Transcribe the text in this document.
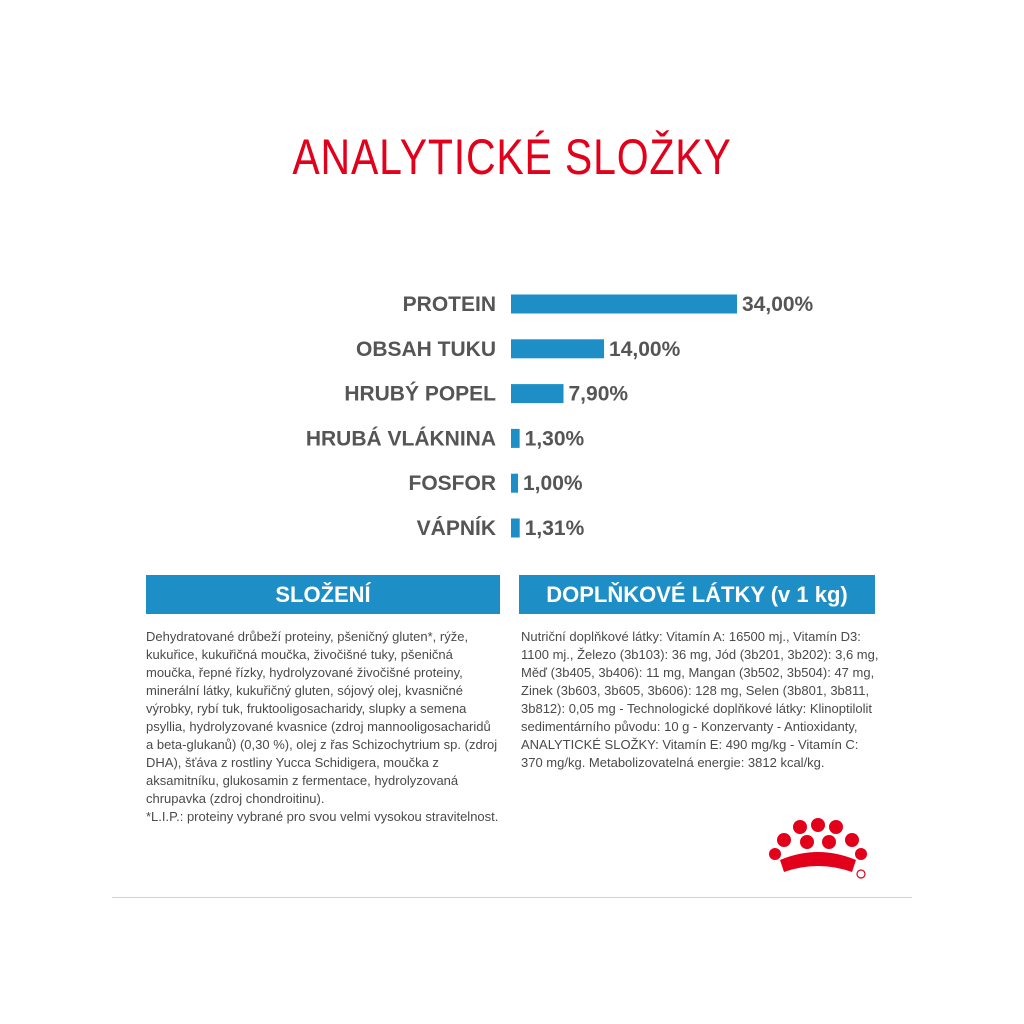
ANALYTICKÉ SLOŽKY
PROTEIN	34,00%
OBSAH TUKU	14,00%
HRUBÝ POPEL	7,90%
HRUBÁ VLÁKNINA 1,30%
FOSFOR 1,00%
VÁPNÍK 1,31%
SLOŽENÍ	DOPLŇKOVÉ LÁTKY (v 1 kg)
Dehydratované drůbeží proteiny, pšeničný gluten*, rýže, kukuřice, kukuřičná moučka, živočišné tuky, pšeničná moučka, řepné řízky, hydrolyzované živočišné proteiny, minerální látky, kukuřičný gluten, sójový olej, kvasničné výrobky, rybí tuk, fruktooligosacharidy, slupky a semena psyllia, hydrolyzované kvasnice (zdroj mannooligosacharidů a beta-glukanů) (0,30 %), olej z řas Schizochytrium sp. (zdroj DHA), šťáva z rostliny Yucca Schidigera, moučka z aksamitníku, glukosamin z fermentace, hydrolyzovaná chrupavka (zdroj chondroitinu).
*L.I.P.: proteiny vybrané pro svou velmi vysokou stravitelnost.
Nutriční doplňkové látky: Vitamín A: 16500 mj., Vitamín D3: 1100 mj., Železo (3b103): 36 mg, Jód (3b201, 3b202): 3,6 mg, Měď (3b405, 3b406): 11 mg, Mangan (3b502, 3b504): 47 mg, Zinek (3b603, 3b605, 3b606): 128 mg, Selen (3b801, 3b811, 3b812): 0,05 mg - Technologické doplňkové látky: Klinoptilolit sedimentárního původu: 10 g - Konzervanty - Antioxidanty,
ANALYTICKÉ SLOŽKY: Vitamín E: 490 mg/kg - Vitamín C: 370 mg/kg. Metabolizovatelná energie: 3812 kcal/kg.
